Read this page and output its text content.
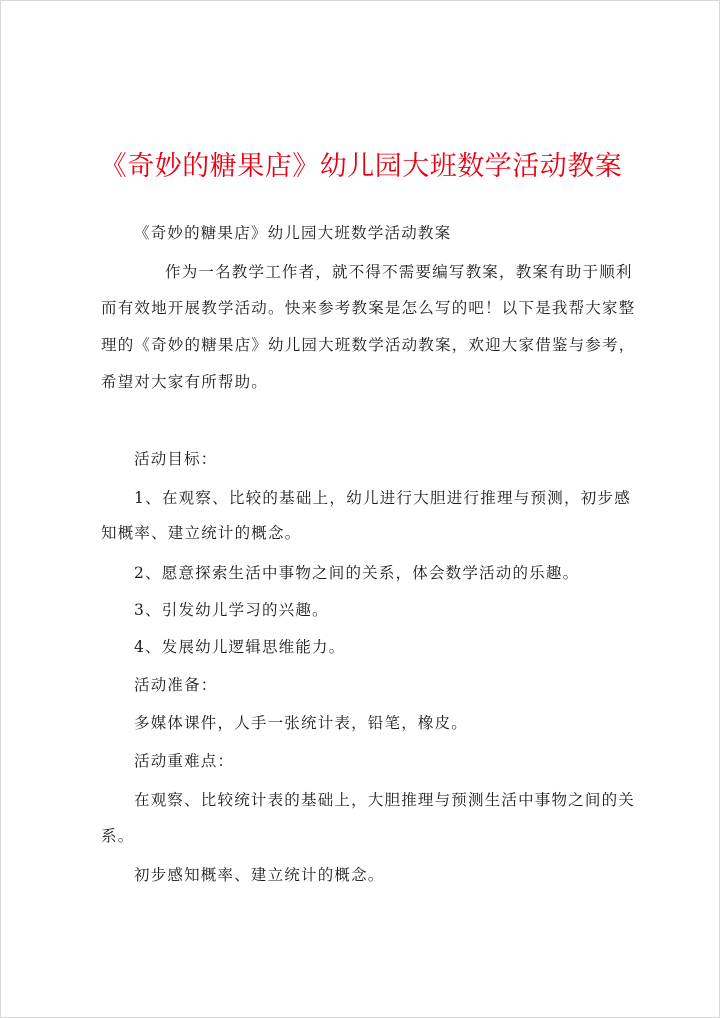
《奇妙的糖果店》幼儿园大班数学活动教案
《奇妙的糖果店》幼儿园大班数学活动教案
作为一名教学工作者，就不得不需要编写教案，教案有助于顺利
而有效地开展教学活动。快来参考教案是怎么写的吧！以下是我帮大家整
理的《奇妙的糖果店》幼儿园大班数学活动教案，欢迎大家借鉴与参考，
希望对大家有所帮助。
活动目标：
1、在观察、比较的基础上，幼儿进行大胆进行推理与预测，初步感
知概率、建立统计的概念。
2、愿意探索生活中事物之间的关系，体会数学活动的乐趣。
3、引发幼儿学习的兴趣。
4、发展幼儿逻辑思维能力。
活动准备：
多媒体课件，人手一张统计表，铅笔，橡皮。
活动重难点：
在观察、比较统计表的基础上，大胆推理与预测生活中事物之间的关
系。
初步感知概率、建立统计的概念。
